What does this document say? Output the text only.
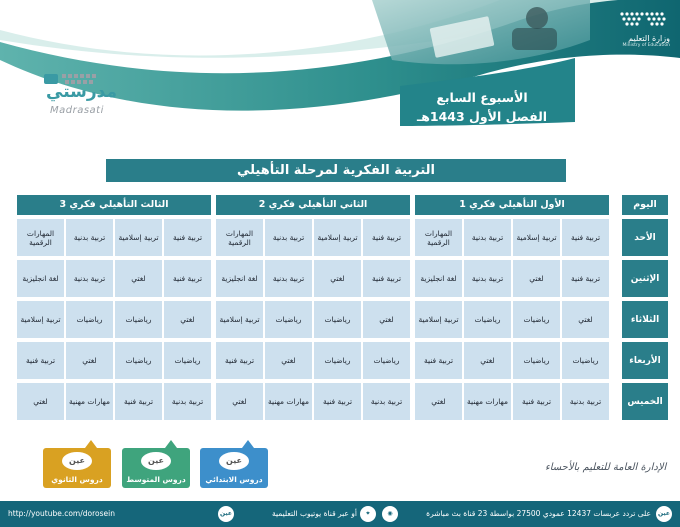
وزارة التعليم
Ministry of Education
الأسبوع السابع
الفصل الأول 1443هـ
مدرستي
Madrasati
التربية الفكرية لمرحلة التأهيلي
اليوم
الأحد
الإثنين
الثلاثاء
الأربعاء
الخميس
الأول التأهيلي فكري 1
تربية فنية
تربية إسلامية
تربية بدنية
المهارات الرقمية
تربية فنية
لغتي
تربية بدنية
لغة انجليزية
لغتي
رياضيات
رياضيات
تربية إسلامية
رياضيات
رياضيات
لغتي
تربية فنية
تربية بدنية
تربية فنية
مهارات مهنية
لغتي
الثاني التأهيلي فكري 2
تربية فنية
تربية إسلامية
تربية بدنية
المهارات الرقمية
تربية فنية
لغتي
تربية بدنية
لغة انجليزية
لغتي
رياضيات
رياضيات
تربية إسلامية
رياضيات
رياضيات
لغتي
تربية فنية
تربية بدنية
تربية فنية
مهارات مهنية
لغتي
الثالث التأهيلي فكري 3
تربية فنية
تربية إسلامية
تربية بدنية
المهارات الرقمية
تربية فنية
لغتي
تربية بدنية
لغة انجليزية
لغتي
رياضيات
رياضيات
تربية إسلامية
رياضيات
رياضيات
لغتي
تربية فنية
تربية بدنية
تربية فنية
مهارات مهنية
لغتي
عين
دروس الابتدائي
عين
دروس المتوسط
عين
دروس الثانوي
الإدارة العامة للتعليم بالأحساء
عين
على تردد عربسات 12437 عمودي 27500 بواسطة 23 قناة بث مباشرة
◉
⌖
أو عبر قناة يوتيوب التعليمية
عين
http://youtube.com/dorosein
